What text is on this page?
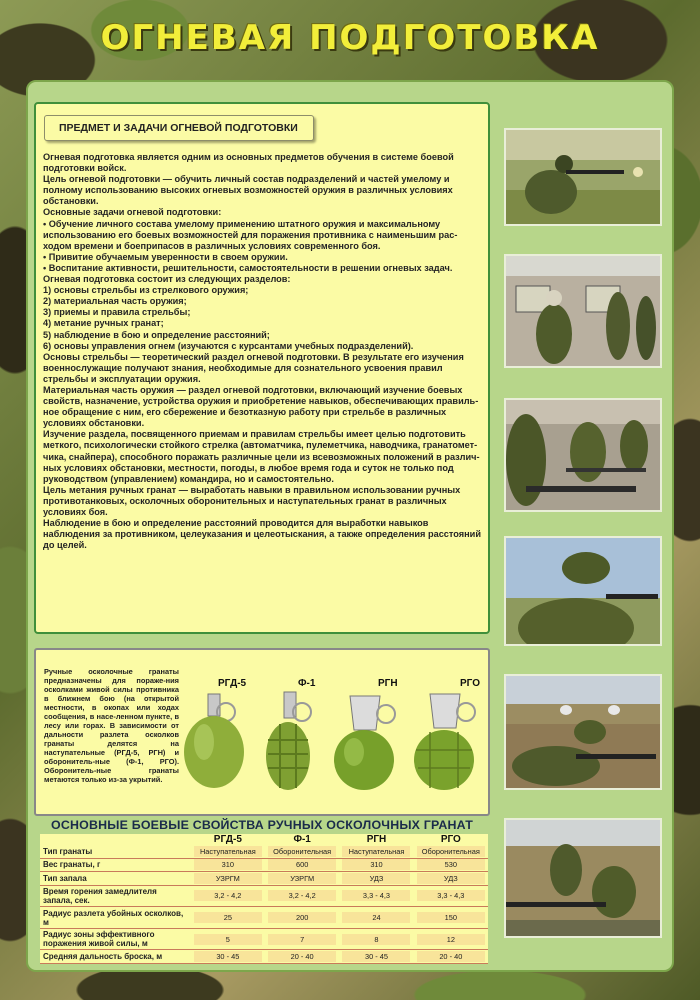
ОГНЕВАЯ ПОДГОТОВКА
ПРЕДМЕТ И ЗАДАЧИ ОГНЕВОЙ ПОДГОТОВКИ

Огневая подготовка является одним из основных предметов обучения в системе боевой подготовки войск.

Цель огневой подготовки — обучить личный состав подразделений и частей умелому и полному использованию высоких огневых возможностей оружия в различных условиях обстановки.

Основные задачи огневой подготовки:

• Обучение личного состава умелому применению штатного оружия и максимальному использованию его боевых возможностей для поражения противника с наименьшим рас-ходом времени и боеприпасов в различных условиях современного боя.

• Привитие обучаемым уверенности в своем оружии.

• Воспитание активности, решительности, самостоятельности в решении огневых задач.

Огневая подготовка состоит из следующих разделов:

1) основы стрельбы из стрелкового оружия;

2) материальная часть оружия;

3) приемы и правила стрельбы;

4) метание ручных гранат;

5) наблюдение в бою и определение расстояний;

6) основы управления огнем (изучаются с курсантами учебных подразделений).

Основы стрельбы — теоретический раздел огневой подготовки. В результате его изучения военнослужащие получают знания, необходимые для сознательного усвоения правил стрельбы и эксплуатации оружия.

Материальная часть оружия — раздел огневой подготовки, включающий изучение боевых свойств, назначение, устройства оружия и приобретение навыков, обеспечивающих правиль-ное обращение с ним, его сбережение и безотказную работу при стрельбе в различных условиях обстановки.

Изучение раздела, посвященного приемам и правилам стрельбы имеет целью подготовить меткого, психологически стойкого стрелка (автоматчика, пулеметчика, наводчика, гранатомет-чика, снайпера), способного поражать различные цели из всевозможных положений в различ-ных условиях обстановки, местности, погоды, в любое время года и суток не только под руководством (управлением) командира, но и самостоятельно.

Цель метания ручных гранат — выработать навыки в правильном использовании ручных противотанковых, осколочных оборонительных и наступательных гранат в различных условиях боя.

Наблюдение в бою и определение расстояний проводится для выработки навыков наблюдения за противником, целеуказания и целеотыскания, а также определения расстояний до целей.

Ручные осколочные гранаты предназначены для пораже-ния осколками живой силы противника в ближнем бою (на открытой местности, в окопах или ходах сообщения, в насе-ленном пункте, в лесу или горах. В зависимости от дальности разлета осколков гранаты делятся на наступательные (РГД-5, РГН) и оборонитель-ные (Ф-1, РГО). Оборонитель-ные гранаты метаются только из-за укрытий.
РГД-5	Ф-1	РГН	РГО
ОСНОВНЫЕ БОЕВЫЕ СВОЙСТВА РУЧНЫХ ОСКОЛОЧНЫХ ГРАНАТ
	РГД-5	Ф-1	РГН	РГО
Тип гранаты	Наступательная	Оборонительная	Наступательная	Оборонительная
Вес гранаты, г	310	600	310	530
Тип запала	УЗРГМ	УЗРГМ	УДЗ	УДЗ
Время горения замедлителя запала, сек.	3,2 - 4,2	3,2 - 4,2	3,3 - 4,3	3,3 - 4,3
Радиус разлета убойных осколков, м	25	200	24	150
Радиус зоны эффективного поражения живой силы, м	5	7	8	12
Средняя дальность броска, м	30 - 45	20 - 40	30 - 45	20 - 40
